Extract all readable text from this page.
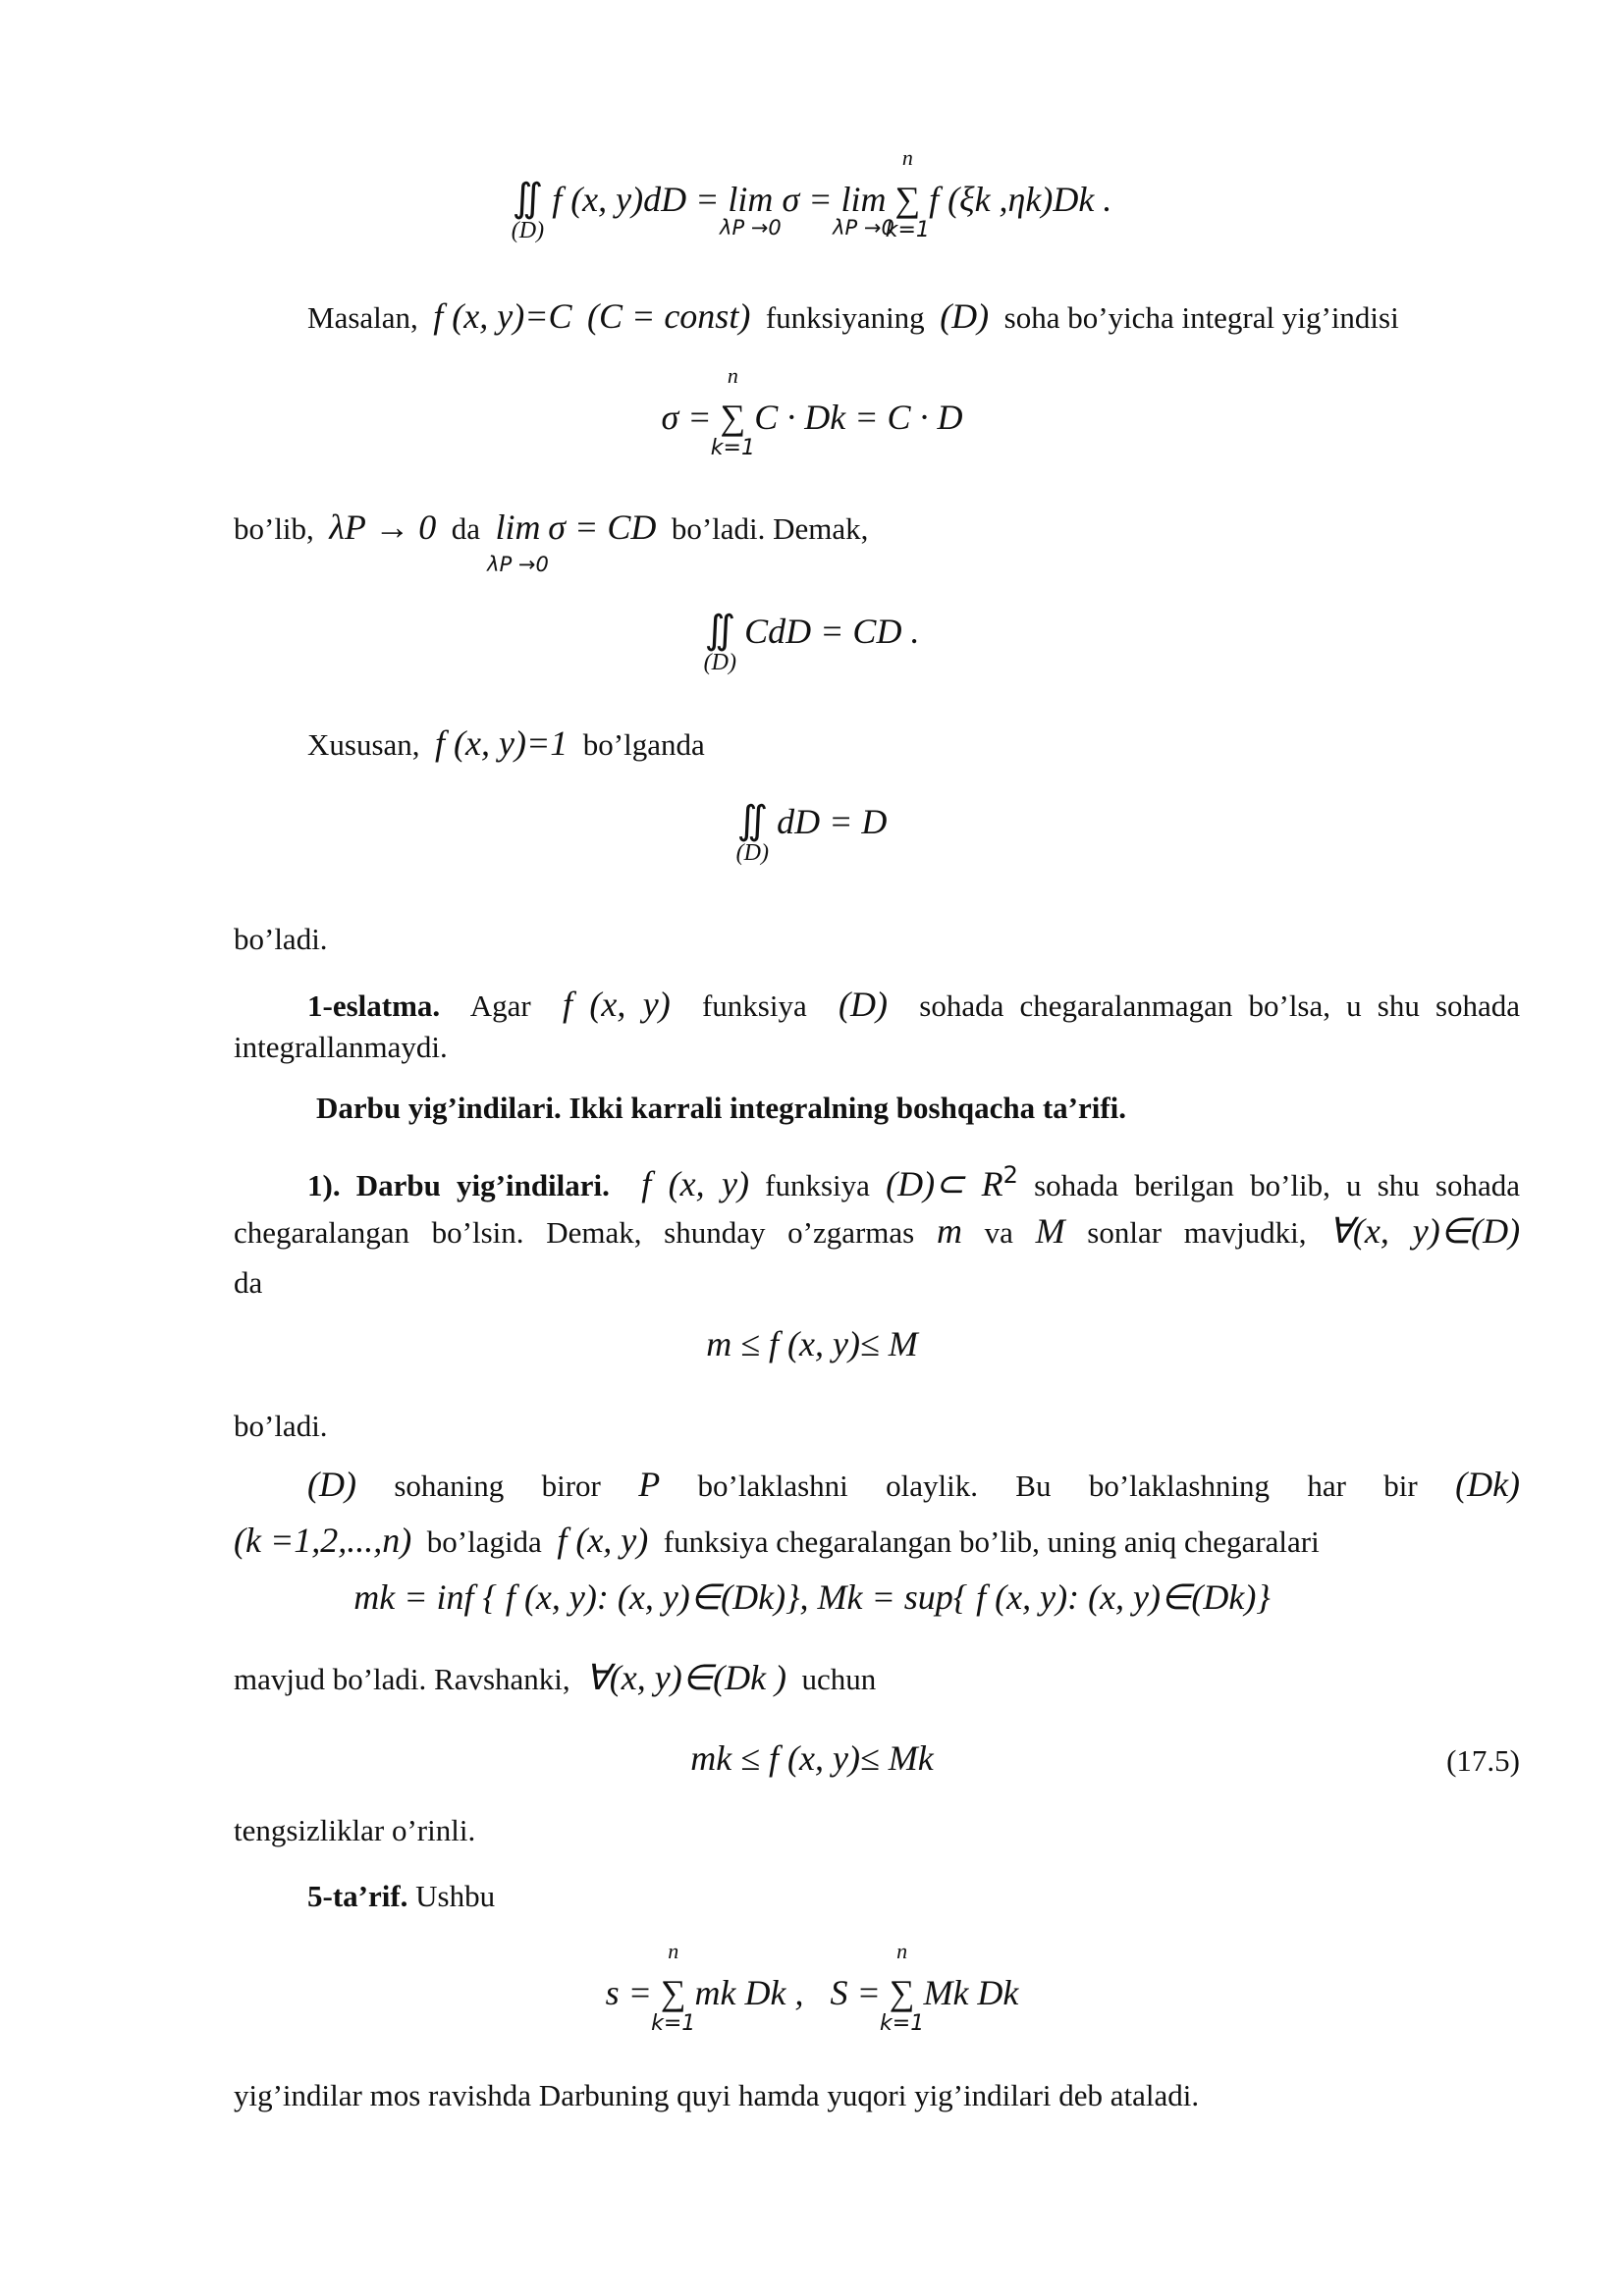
∬
(D)
f (x, y)dD = lim
λP →0
σ = lim
λP →0

n
∑
k=1
f (ξk ,ηk)Dk .
Masalan, f (x, y)=C (C = const) funksiyaning (D) soha bo’yicha integral yig’indisi
σ =
n
∑
k=1
C · Dk = C · D
bo’lib, λP → 0 da lim
λP →0
σ = CD bo’ladi. Demak,
∬
(D)
CdD = CD .
Xususan, f (x, y)=1 bo’lganda
∬
(D)
dD = D
bo’ladi.
1-eslatma. Agar f (x, y) funksiya (D) sohada chegaralanmagan bo’lsa, u shu sohada
integrallanmaydi.
Darbu yig’indilari. Ikki karrali integralning boshqacha ta’rifi.
1). Darbu yig’indilari. f (x, y) funksiya (D)⊂ $R^2$ sohada berilgan bo’lib, u shu sohada
chegaralangan bo’lsin. Demak, shunday o’zgarmas m va M sonlar mavjudki, ∀(x, y)∈(D)
da
m ≤ f (x, y)≤ M
bo’ladi.
(D) sohaning biror P bo’laklashni olaylik. Bu bo’laklashning har bir (Dk)
(k =1,2,...,n) bo’lagida f (x, y) funksiya chegaralangan bo’lib, uning aniq chegaralari
mk = inf { f (x, y): (x, y)∈(Dk)}, Mk = sup{ f (x, y): (x, y)∈(Dk)}
mavjud bo’ladi. Ravshanki, ∀(x, y)∈(Dk ) uchun
mk ≤ f (x, y)≤ Mk	(17.5)
tengsizliklar o’rinli.
5-ta’rif. Ushbu
s =
n
∑
k=1
mk Dk , S =
n
∑
k=1
Mk Dk
yig’indilar mos ravishda Darbuning quyi hamda yuqori yig’indilari deb ataladi.
